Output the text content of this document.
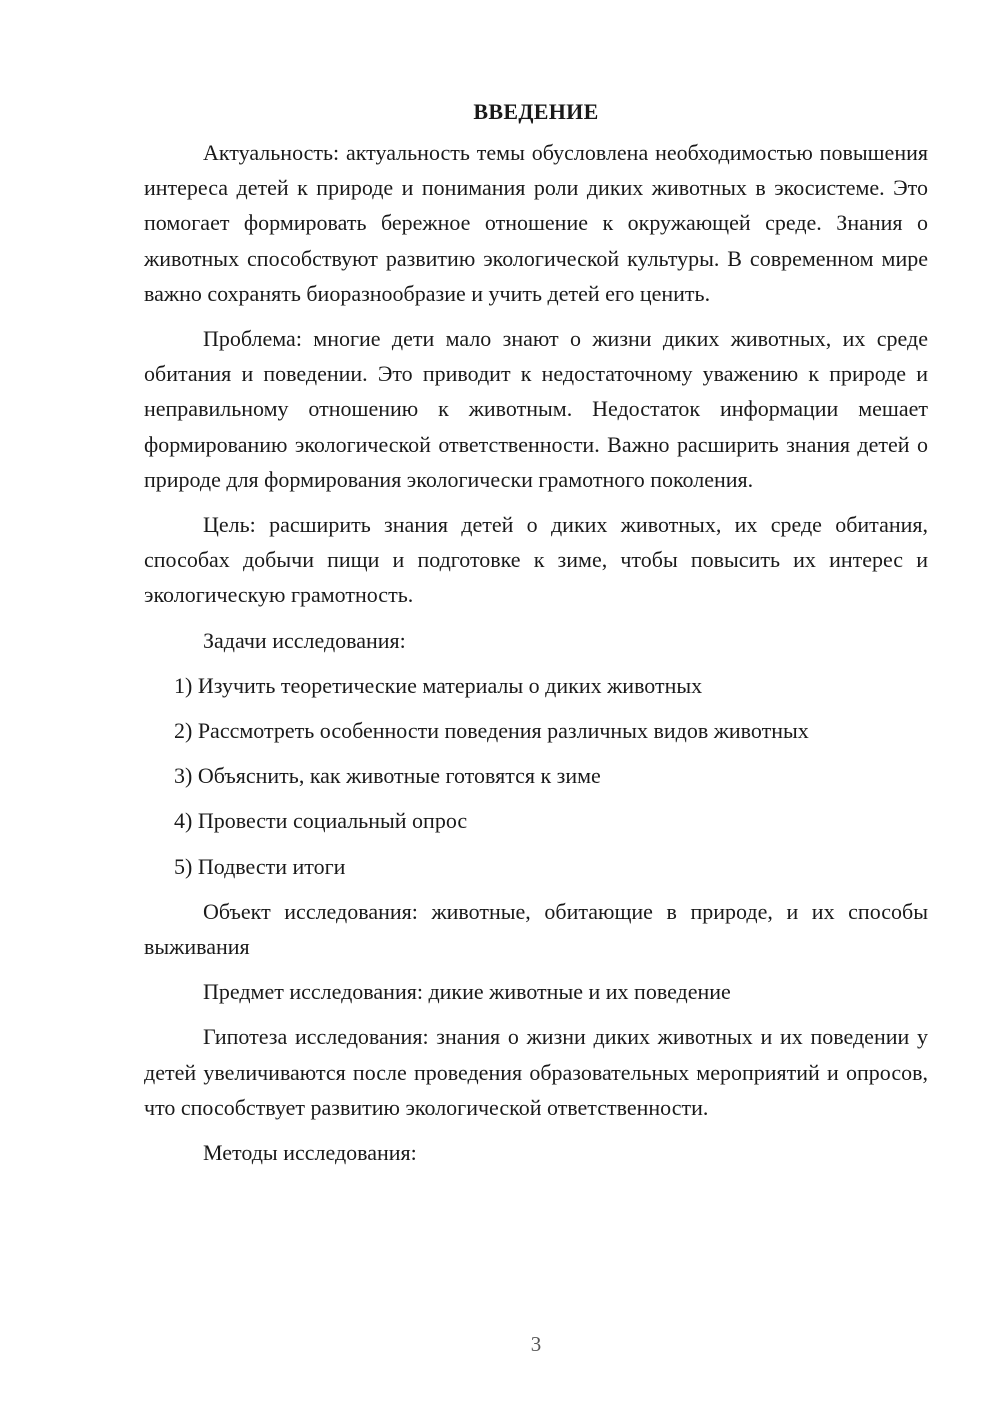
ВВЕДЕНИЕ

Актуальность: актуальность темы обусловлена необходимостью повышения интереса детей к природе и понимания роли диких животных в экосистеме. Это помогает формировать бережное отношение к окружающей среде. Знания о животных способствуют развитию экологической культуры. В современном мире важно сохранять биоразнообразие и учить детей его ценить.

Проблема: многие дети мало знают о жизни диких животных, их среде обитания и поведении. Это приводит к недостаточному уважению к природе и неправильному отношению к животным. Недостаток информации мешает формированию экологической ответственности. Важно расширить знания детей о природе для формирования экологически грамотного поколения.

Цель: расширить знания детей о диких животных, их среде обитания, способах добычи пищи и подготовке к зиме, чтобы повысить их интерес и экологическую грамотность.

Задачи исследования:

1) Изучить теоретические материалы о диких животных
2) Рассмотреть особенности поведения различных видов животных
3) Объяснить, как животные готовятся к зиме
4) Провести социальный опрос
5) Подвести итоги

Объект исследования: животные, обитающие в природе, и их способы выживания

Предмет исследования: дикие животные и их поведение

Гипотеза исследования: знания о жизни диких животных и их поведении у детей увеличиваются после проведения образовательных мероприятий и опросов, что способствует развитию экологической ответственности.

Методы исследования:

3
